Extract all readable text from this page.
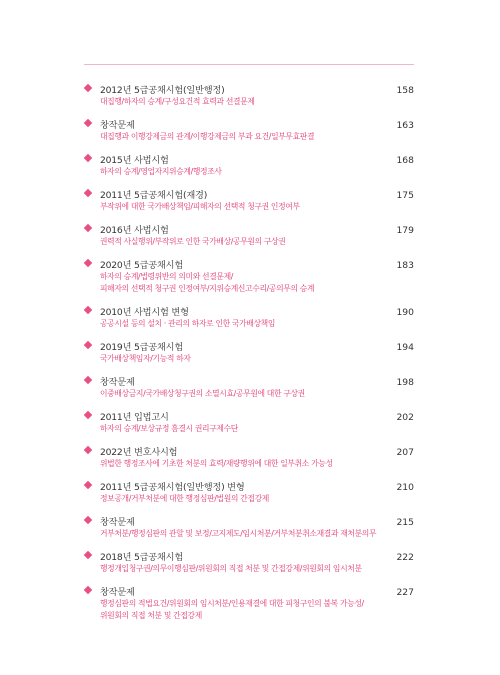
2012년 5급공채시험(일반행정)	158
대집행/하자의 승계/구성요건적 효력과 선결문제
창작문제	163
대집행과 이행강제금의 관계/이행강제금의 부과 요건/일부무효판결
2015년 사법시험	168
하자의 승계/영업자지위승계/행정조사
2011년 5급공채시험(재경)	175
부작위에 대한 국가배상책임/피해자의 선택적 청구권 인정여부
2016년 사법시험	179
권력적 사실행위/부작위로 인한 국가배상/공무원의 구상권
2020년 5급공채시험	183
하자의 승계/법령위반의 의미와 선결문제/
피해자의 선택적 청구권 인정여부/지위승계신고수리/공의무의 승계
2010년 사법시험 변형	190
공공시설 등의 설치 · 관리의 하자로 인한 국가배상책임
2019년 5급공채시험	194
국가배상책임자/기능적 하자
창작문제	198
이중배상금지/국가배상청구권의 소멸시효/공무원에 대한 구상권
2011년 입법고시	202
하자의 승계/보상규정 흠결시 권리구제수단
2022년 변호사시험	207
위법한 행정조사에 기초한 처분의 효력/재량행위에 대한 일부취소 가능성
2011년 5급공채시험(일반행정) 변형	210
정보공개/거부처분에 대한 행정심판/법원의 간접강제
창작문제	215
거부처분/행정심판의 관할 및 보정/고지제도/임시처분/거부처분취소재결과 재처분의무
2018년 5급공채시험	222
행정개입청구권/의무이행심판/위원회의 직접 처분 및 간접강제/위원회의 임시처분
창작문제	227
행정심판의 적법요건/위원회의 임시처분/인용재결에 대한 피청구인의 불복 가능성/
위원회의 직접 처분 및 간접강제
